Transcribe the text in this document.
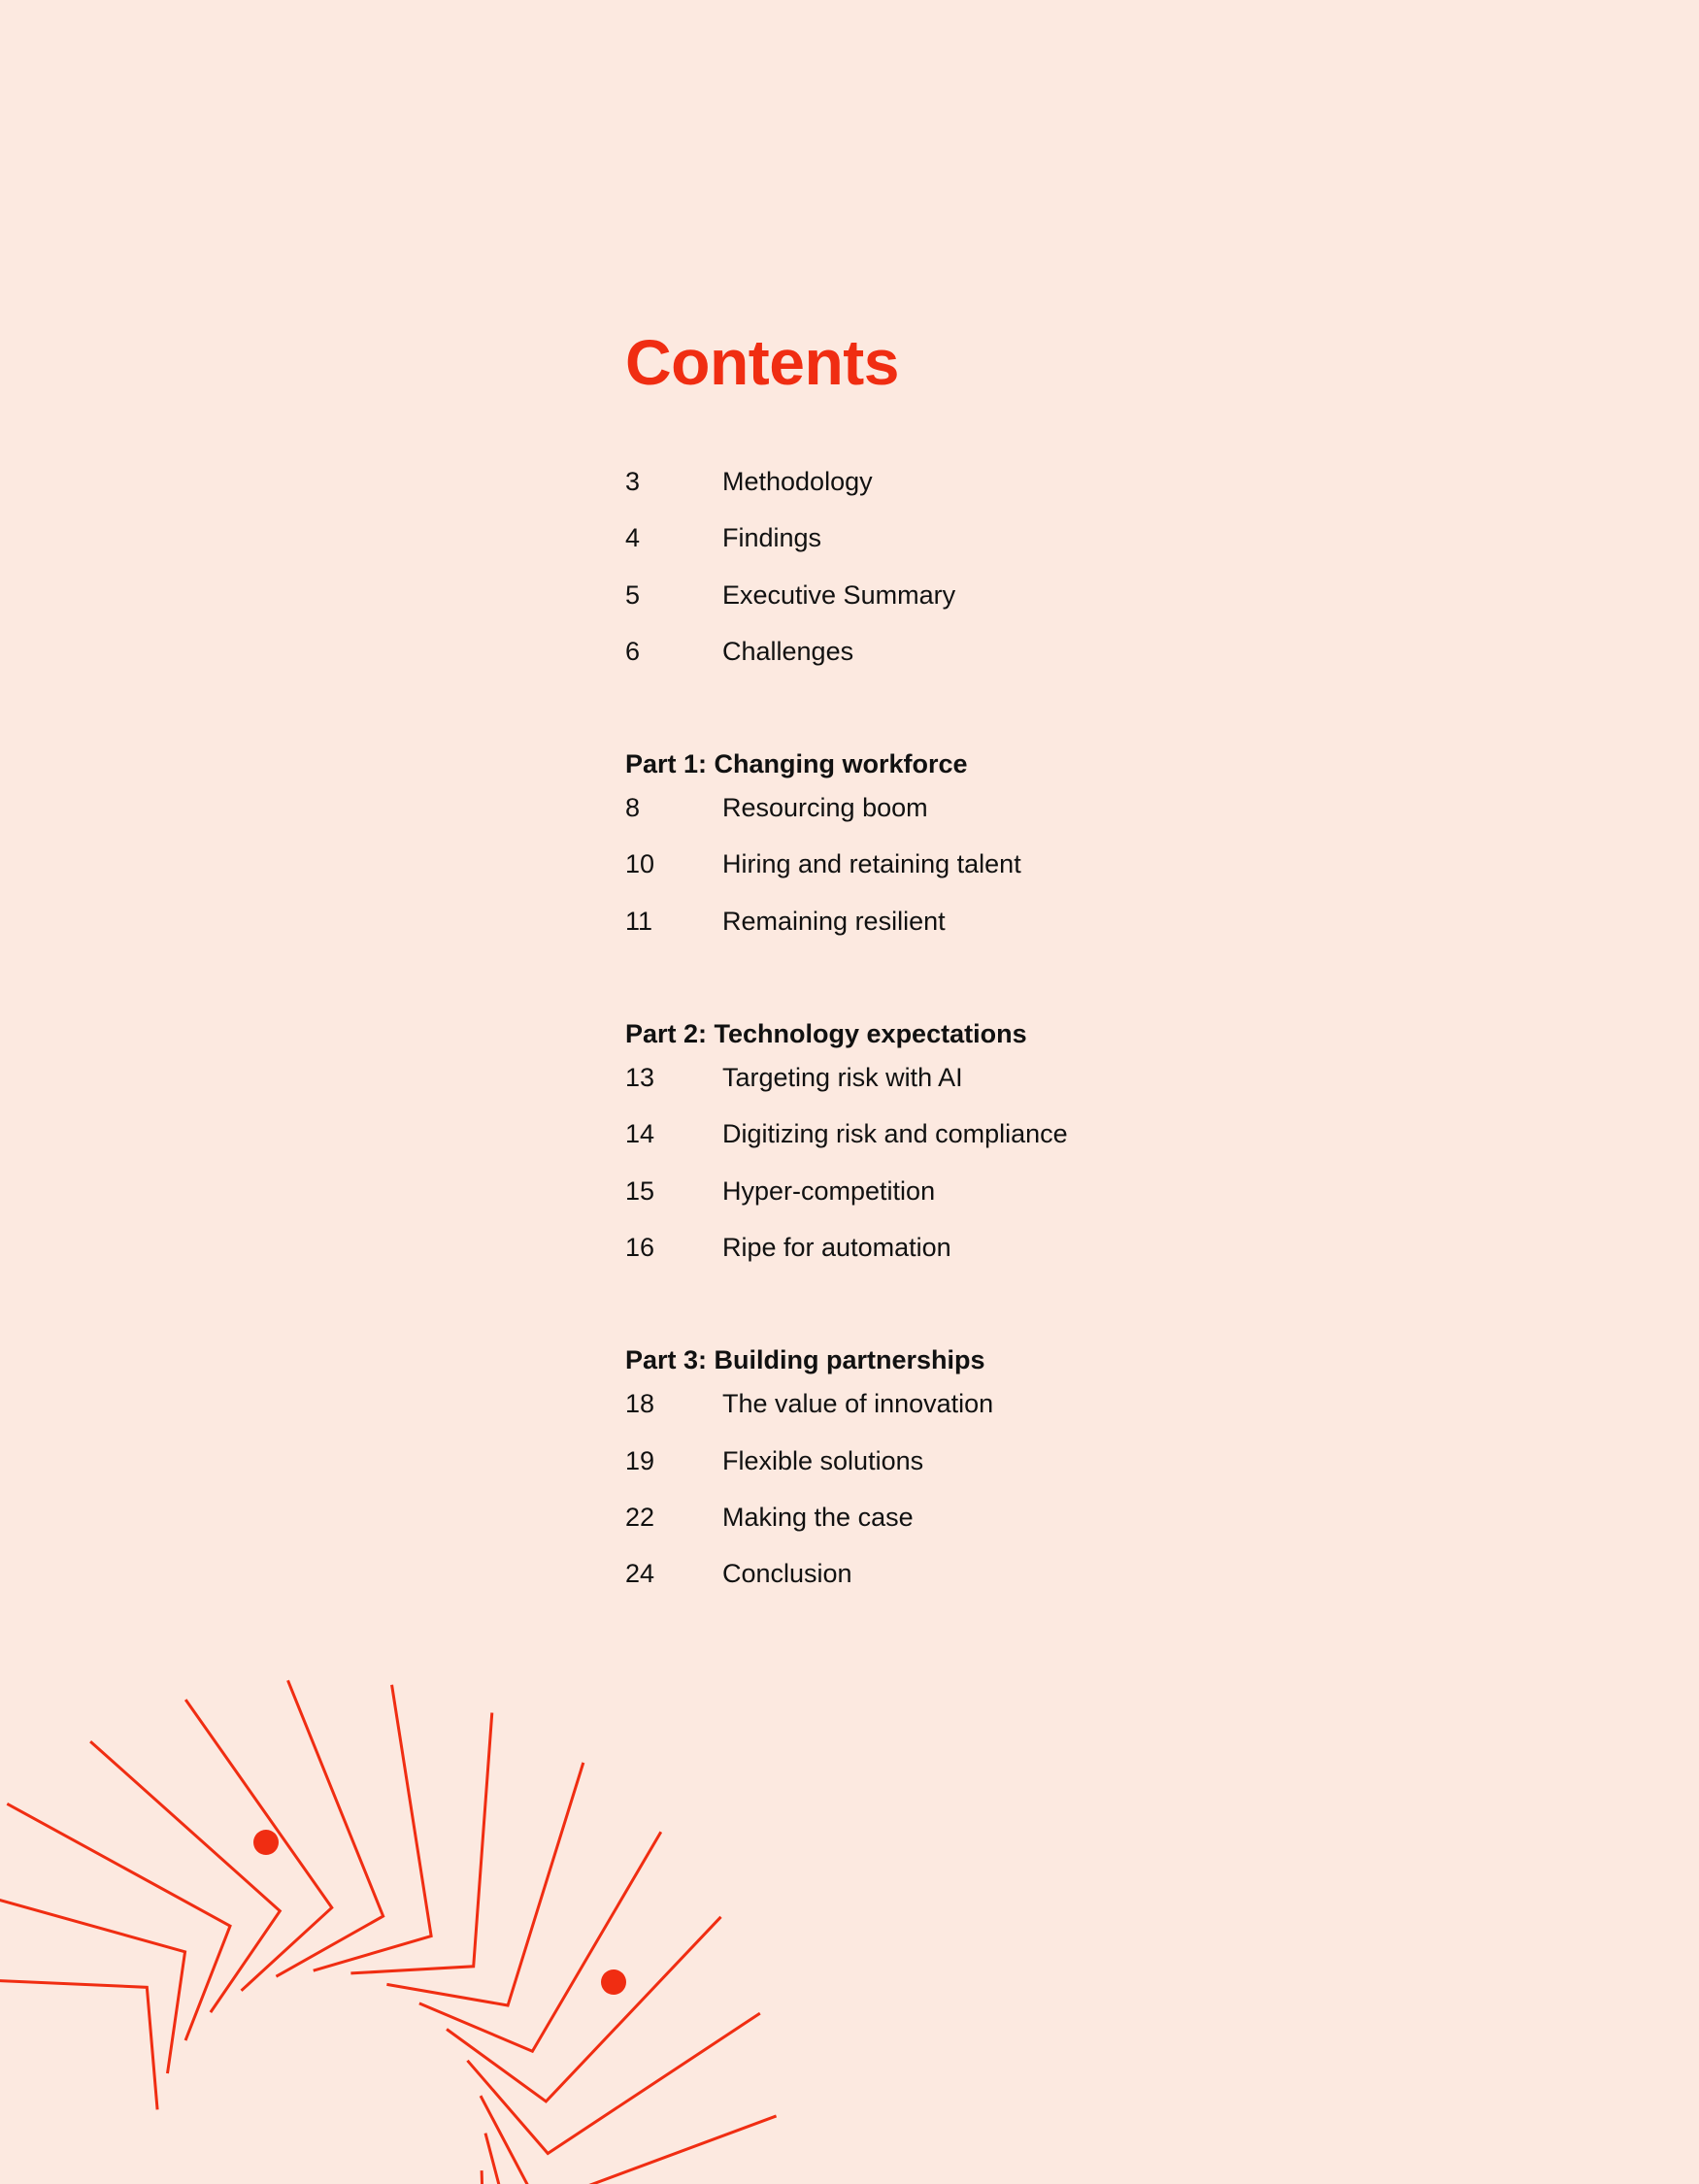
Contents
3	Methodology
4	Findings
5	Executive Summary
6	Challenges
Part 1: Changing workforce
8	Resourcing boom
10	Hiring and retaining talent
11	Remaining resilient
Part 2: Technology expectations
13	Targeting risk with AI
14	Digitizing risk and compliance
15	Hyper-competition
16	Ripe for automation
Part 3: Building partnerships
18	The value of innovation
19	Flexible solutions
22	Making the case
24	Conclusion
